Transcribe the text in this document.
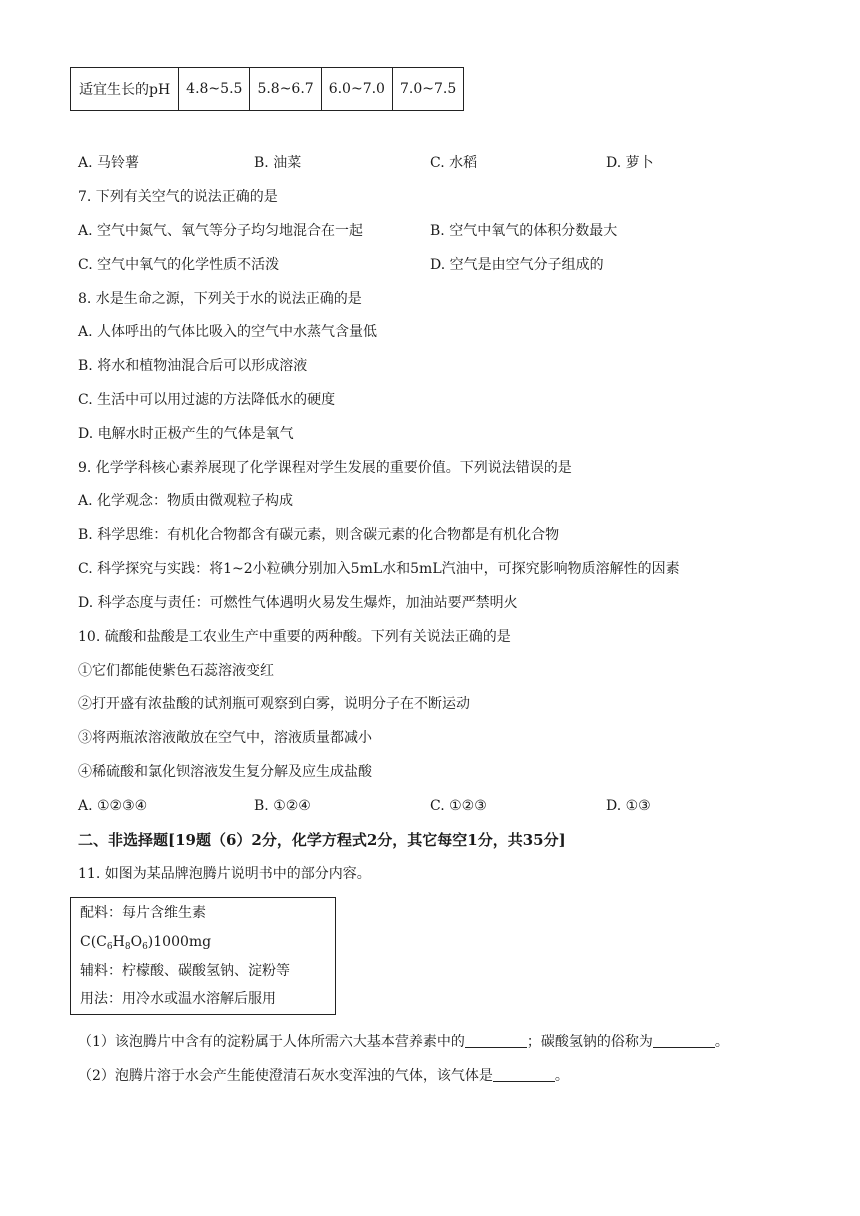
适宜生长的pH	4.8~5.5	5.8~6.7	6.0~7.0	7.0~7.5
A. 马铃薯	B. 油菜	C. 水稻	D. 萝卜
7. 下列有关空气的说法正确的是
A. 空气中氮气、氧气等分子均匀地混合在一起	B. 空气中氧气的体积分数最大
C. 空气中氧气的化学性质不活泼	D. 空气是由空气分子组成的
8. 水是生命之源，下列关于水的说法正确的是
A. 人体呼出的气体比吸入的空气中水蒸气含量低
B. 将水和植物油混合后可以形成溶液
C. 生活中可以用过滤的方法降低水的硬度
D. 电解水时正极产生的气体是氧气
9. 化学学科核心素养展现了化学课程对学生发展的重要价值。下列说法错误的是
A. 化学观念：物质由微观粒子构成
B. 科学思维：有机化合物都含有碳元素，则含碳元素的化合物都是有机化合物
C. 科学探究与实践：将1~2小粒碘分别加入5mL水和5mL汽油中，可探究影响物质溶解性的因素
D. 科学态度与责任：可燃性气体遇明火易发生爆炸，加油站要严禁明火
10. 硫酸和盐酸是工农业生产中重要的两种酸。下列有关说法正确的是
①它们都能使紫色石蕊溶液变红
②打开盛有浓盐酸的试剂瓶可观察到白雾，说明分子在不断运动
③将两瓶浓溶液敞放在空气中，溶液质量都减小
④稀硫酸和氯化钡溶液发生复分解及应生成盐酸
A. ①②③④	B. ①②④	C. ①②③	D. ①③
二、非选择题[19题（6）2分，化学方程式2分，其它每空1分，共35分]
11. 如图为某品牌泡腾片说明书中的部分内容。
配料：每片含维生素
$C(C_6H_8O_6)1000mg$
辅料：柠檬酸、碳酸氢钠、淀粉等
用法：用冷水或温水溶解后服用
（1）该泡腾片中含有的淀粉属于人体所需六大基本营养素中的	；碳酸氢钠的俗称为	。
（2）泡腾片溶于水会产生能使澄清石灰水变浑浊的气体，该气体是	。
